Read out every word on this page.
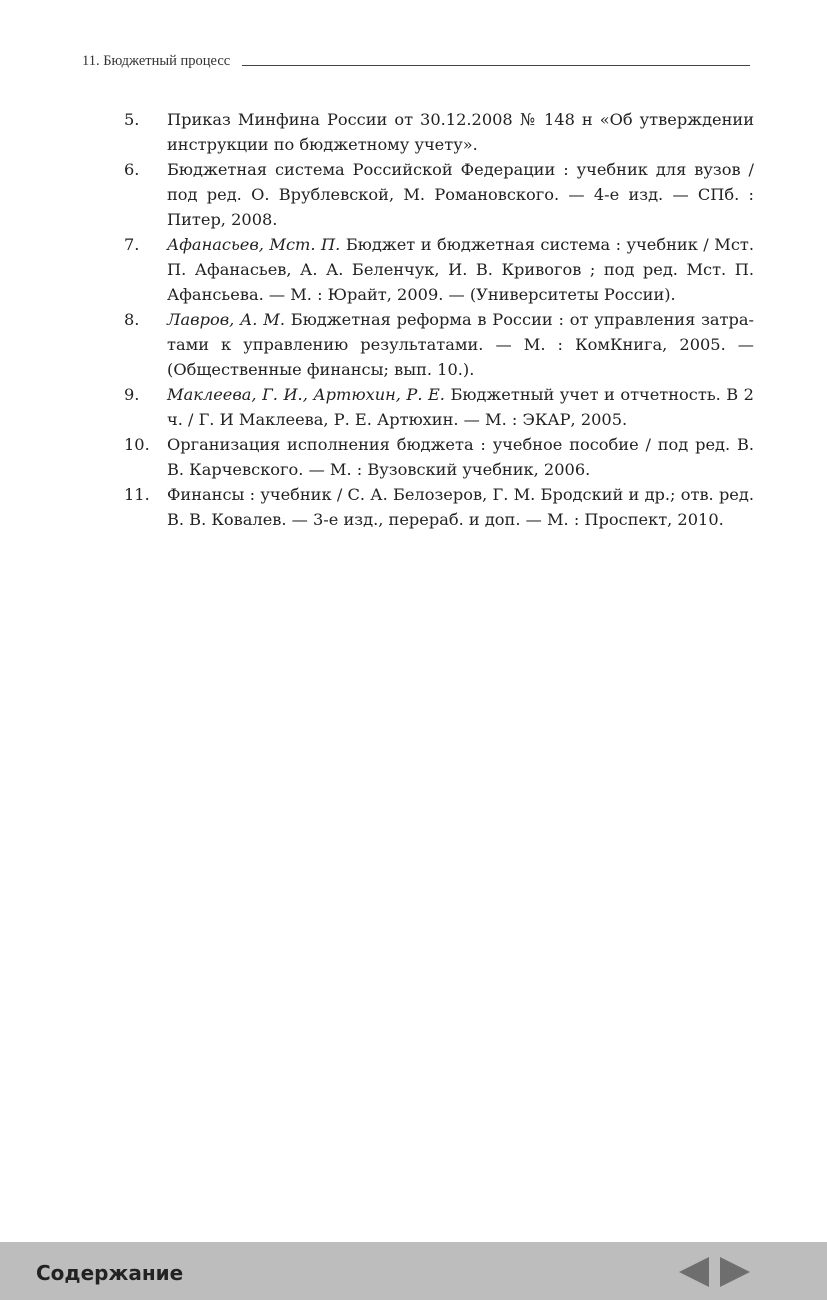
11. Бюджетный процесс
5.	Приказ Минфина России от 30.12.2008 № 148 н «Об утверждении инструкции по бюджетному учету».
6.	Бюджетная система Российской Федерации : учебник для вузов / под ред. О. Врублевской, М. Романовского. — 4-е изд. — СПб. : Питер, 2008.
7.	Афанасьев, Мст. П. Бюджет и бюджетная система : учебник / Мст. П. Афанасьев, А. А. Беленчук, И. В. Кривогов ; под ред. Мст. П. Афансьева. — М. : Юрайт, 2009. — (Университеты России).
8.	Лавров, А. М. Бюджетная реформа в России : от управления затратами к управлению результатами. — М. : КомКнига, 2005. — (Общественные финансы; вып. 10.).
9.	Маклеева, Г. И., Артюхин, Р. Е. Бюджетный учет и отчетность. В 2 ч. / Г. И Маклеева, Р. Е. Артюхин. — М. : ЭКАР, 2005.
10.	Организация исполнения бюджета : учебное пособие / под ред. В. В. Карчевского. — М. : Вузовский учебник, 2006.
11.	Финансы : учебник / С. А. Белозеров, Г. М. Бродский и др.; отв. ред. В. В. Ковалев. — 3-е изд., перераб. и доп. — М. : Проспект, 2010.
Содержание
